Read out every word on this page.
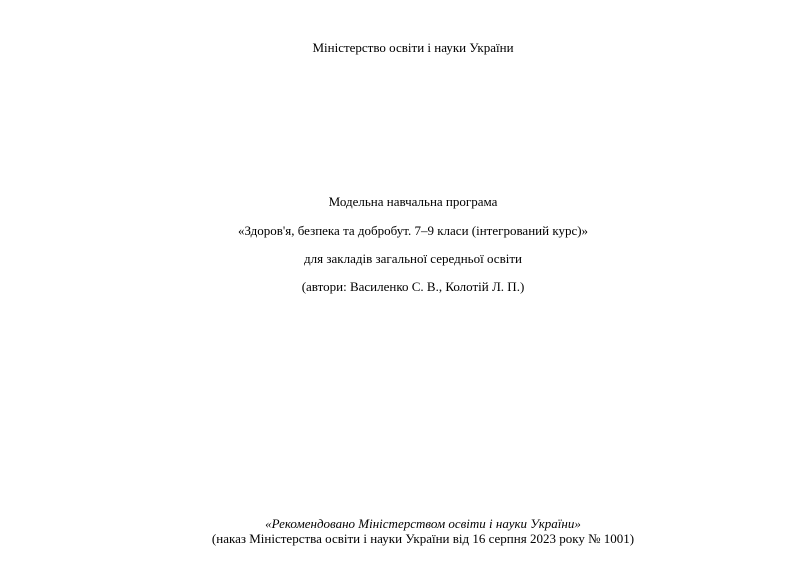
Міністерство освіти і науки України
Модельна навчальна програма
«Здоров'я, безпека та добробут. 7–9 класи (інтегрований курс)»
для закладів загальної середньої освіти
(автори: Василенко С. В., Колотій Л. П.)
«Рекомендовано Міністерством освіти і науки України»
(наказ Міністерства освіти і науки України від 16 серпня 2023 року № 1001)
